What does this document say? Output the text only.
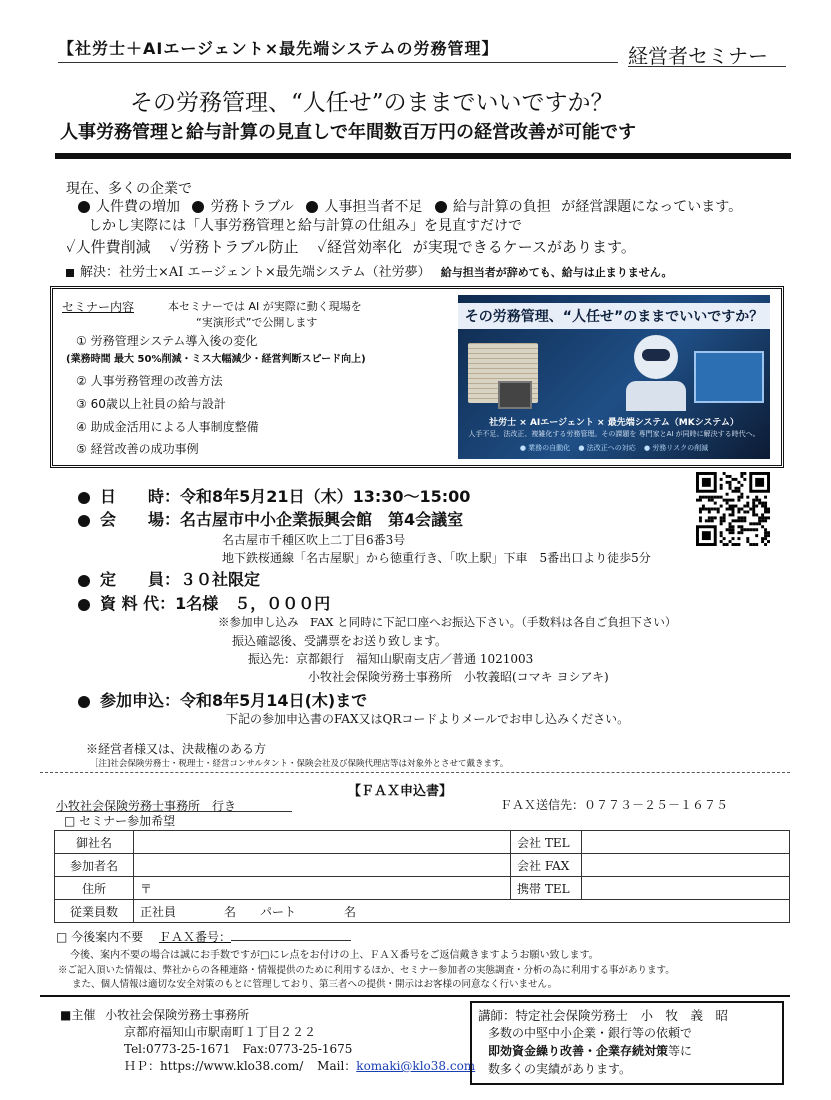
【社労士＋AIエージェント×最先端システムの労務管理】	経営者セミナー
その労務管理、“人任せ”のままでいいですか？
人事労務管理と給与計算の見直しで年間数百万円の経営改善が可能です
現在、多くの企業で
人件費の増加 労務トラブル 人事担当者不足 給与計算の負担 が経営課題になっています。
しかし実際には「人事労務管理と給与計算の仕組み」を見直すだけで
✓人件費削減 ✓労務トラブル防止 ✓経営効率化 が実現できるケースがあります。
解決：社労士×AI エージェント×最先端システム（社労夢） 給与担当者が辞めても、給与は止まりません。
セミナー内容	本セミナーでは AI が実際に動く現場を
“実演形式”で公開します
① 労務管理システム導入後の変化
(業務時間 最大 50%削減・ミス大幅減少・経営判断スピード向上)
② 人事労務管理の改善方法
③ 60歳以上社員の給与設計
④ 助成金活用による人事制度整備
⑤ 経営改善の成功事例
その労務管理、“人任せ”のままでいいですか？
社労士 × AIエージェント × 最先端システム（MKシステム）
人手不足、法改正、複雑化する労務管理。その課題を 専門家とAI が同時に解決する時代へ。
● 業務の自動化 ● 法改正への対応 ● 労務リスクの削減
日　　時：令和8年5月21日（木）13:30〜15:00
会　　場：名古屋市中小企業振興会館　第4会議室
名古屋市千種区吹上二丁目6番3号
地下鉄桜通線「名古屋駅」から徳重行き、「吹上駅」下車　5番出口より徒歩5分
定　　員：３０社限定
資 料 代：1名様　５，０００円
※参加申し込み　FAX と同時に下記口座へお振込下さい。（手数料は各自ご負担下さい）
振込確認後、受講票をお送り致します。
振込先：京都銀行　福知山駅南支店／普通 1021003
小牧社会保険労務士事務所　小牧義昭(コマキ ヨシアキ)
参加申込：令和8年5月14日(木)まで
下記の参加申込書のFAX又はQRコードよりメールでお申し込みください。
※経営者様又は、決裁権のある方
［注]社会保険労務士・税理士・経営コンサルタント・保険会社及び保険代理店等は対象外とさせて戴きます。
【ＦＡＸ申込書】
小牧社会保険労務士事務所　行き	ＦＡＸ送信先：０７７３－２５－１６７５
□ セミナー参加希望
御社名		会社 TEL	
参加者名		会社 FAX	
住所	〒	携帯 TEL	
従業員数	正社員　　　　名　　パート　　　　名		
□ 今後案内不要 ＦＡＸ番号：
今後、案内不要の場合は誠にお手数ですが□にレ点をお付けの上、ＦＡＸ番号をご返信戴きますようお願い致します。
※ご記入頂いた情報は、弊社からの各種連絡・情報提供のために利用するほか、セミナー参加者の実態調査・分析の為に利用する事があります。
また、個人情報は適切な安全対策のもとに管理しており、第三者への提供・開示はお客様の同意なく行いません。
■主催 小牧社会保険労務士事務所
京都府福知山市駅南町１丁目２２２
Tel:0773-25-1671　Fax:0773-25-1675
ＨＰ：https://www.klo38.com/ Mail：komaki@klo38.com
講師：特定社会保険労務士　小　牧　義　昭
多数の中堅中小企業・銀行等の依頼で
即効資金繰り改善・企業存続対策等に
数多くの実績があります。
